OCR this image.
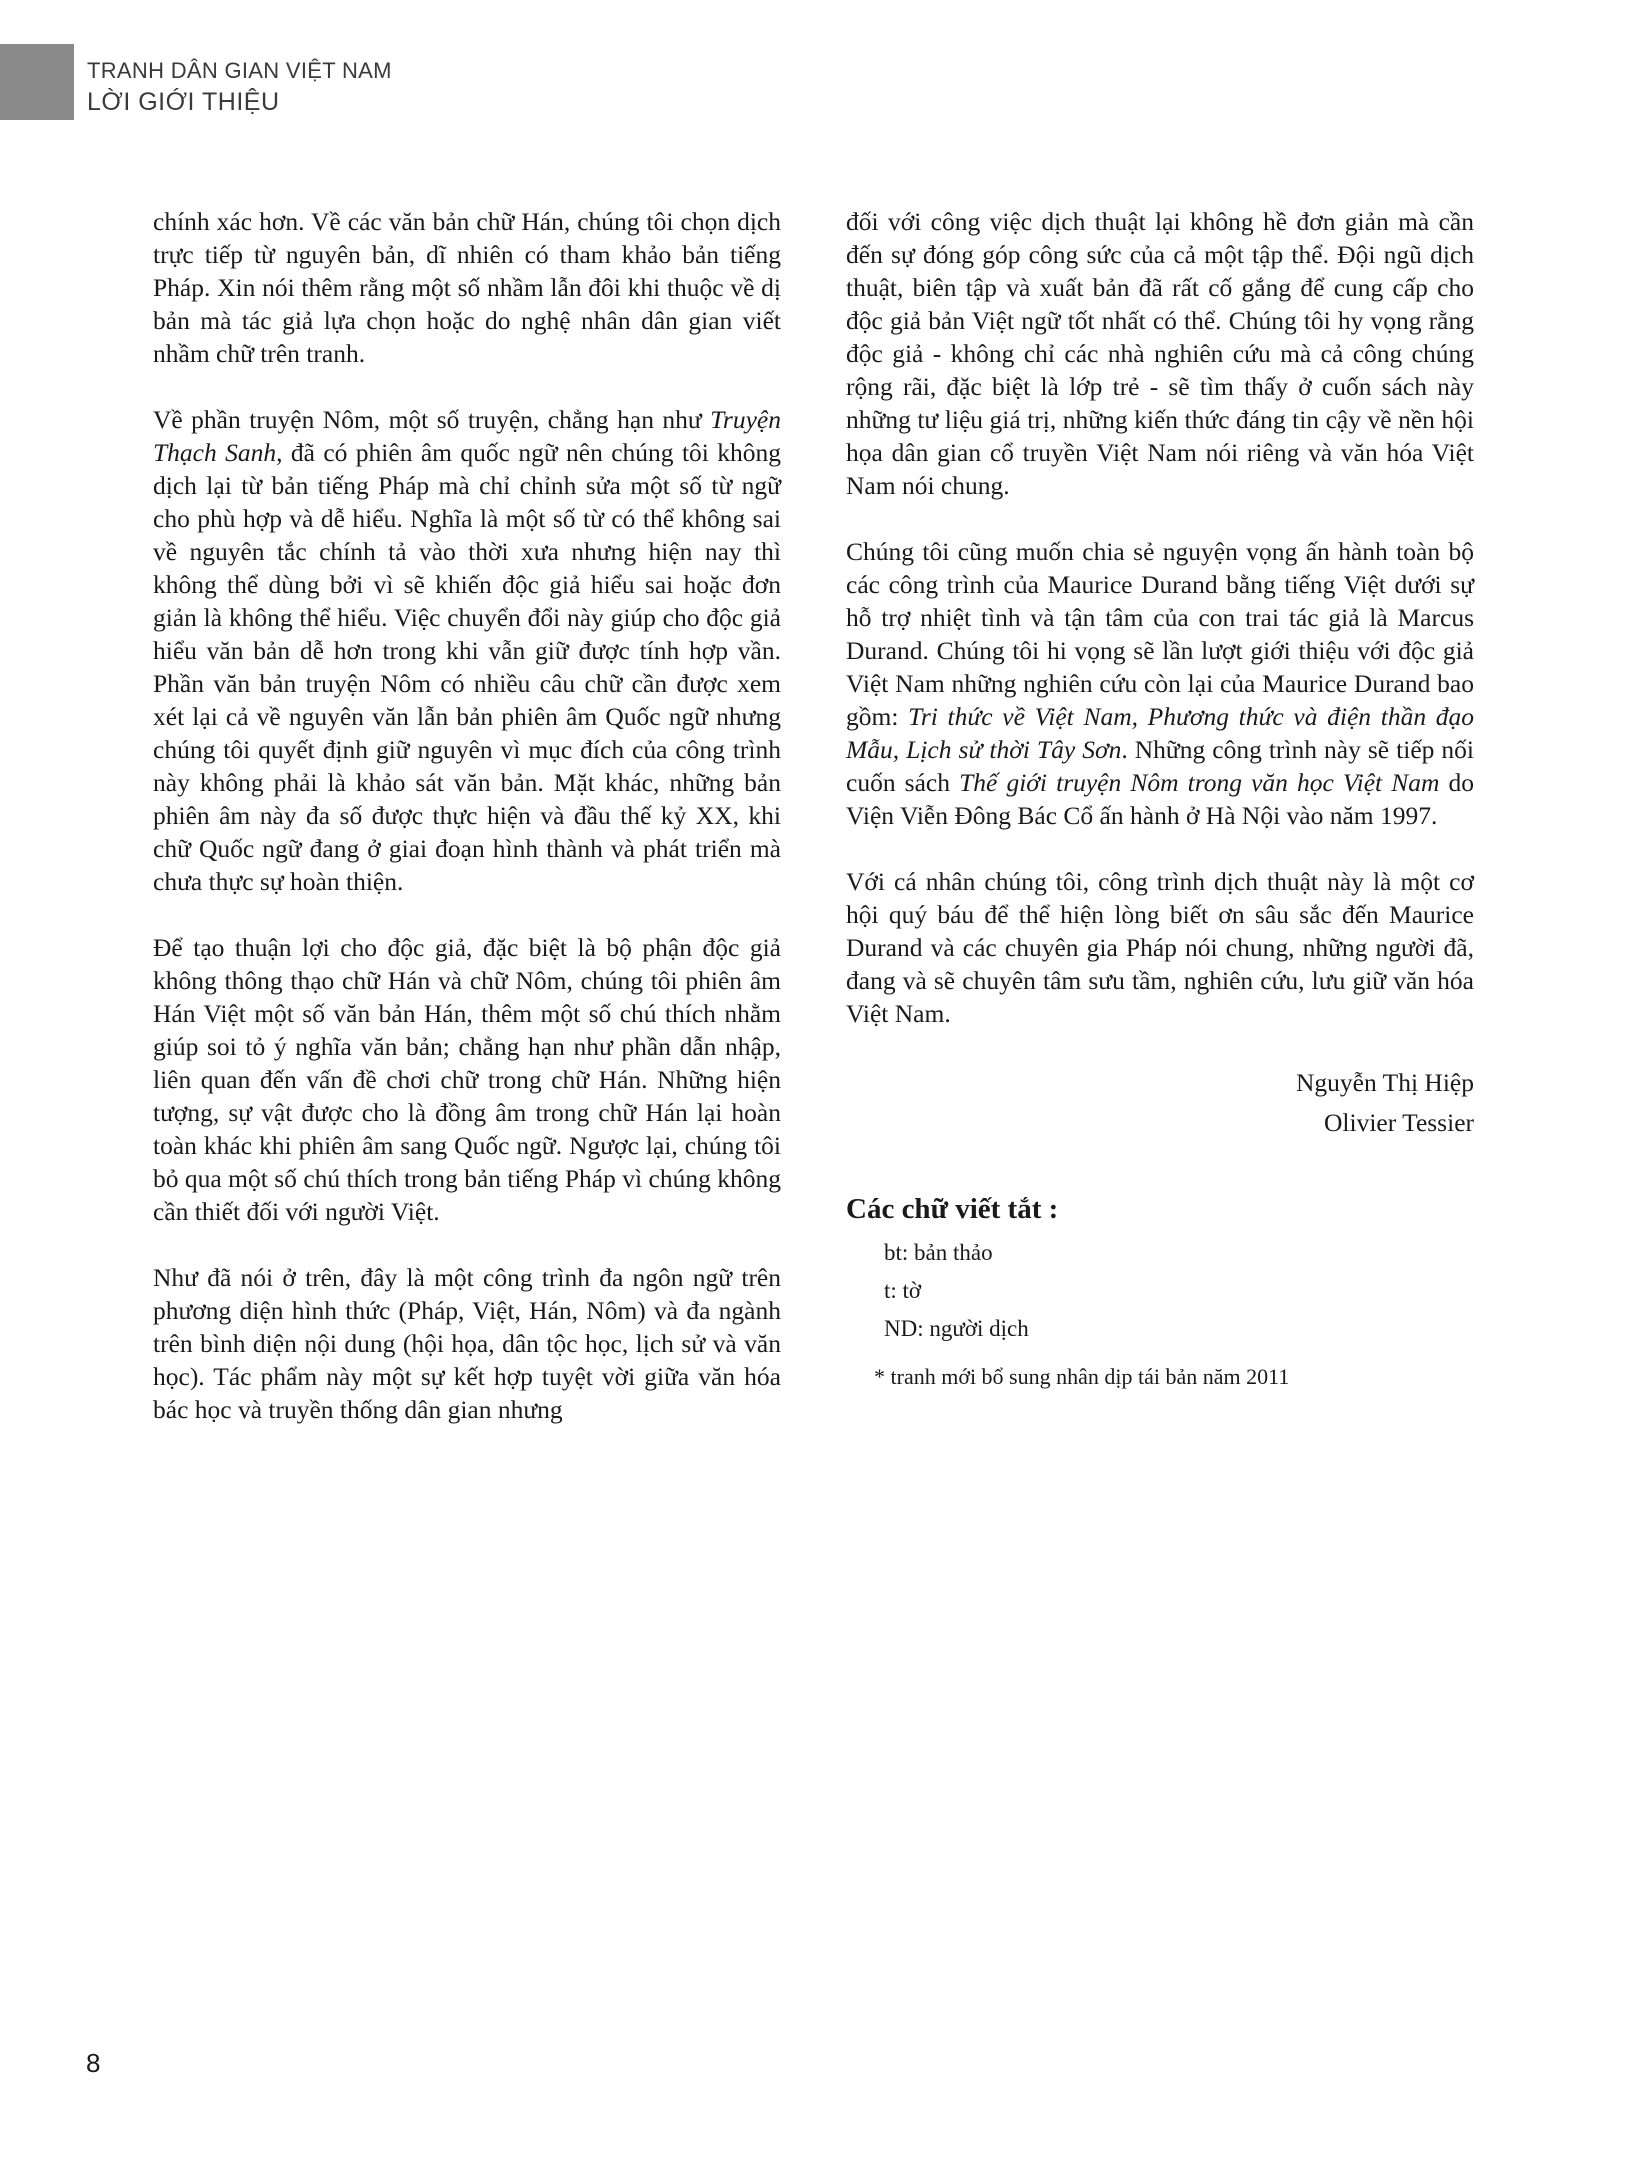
TRANH DÂN GIAN VIỆT NAM
LỜI GIỚI THIỆU

chính xác hơn. Về các văn bản chữ Hán, chúng tôi chọn dịch trực tiếp từ nguyên bản, dĩ nhiên có tham khảo bản tiếng Pháp. Xin nói thêm rằng một số nhầm lẫn đôi khi thuộc về dị bản mà tác giả lựa chọn hoặc do nghệ nhân dân gian viết nhầm chữ trên tranh.

Về phần truyện Nôm, một số truyện, chẳng hạn như Truyện Thạch Sanh, đã có phiên âm quốc ngữ nên chúng tôi không dịch lại từ bản tiếng Pháp mà chỉ chỉnh sửa một số từ ngữ cho phù hợp và dễ hiểu. Nghĩa là một số từ có thể không sai về nguyên tắc chính tả vào thời xưa nhưng hiện nay thì không thể dùng bởi vì sẽ khiến độc giả hiểu sai hoặc đơn giản là không thể hiểu. Việc chuyển đổi này giúp cho độc giả hiểu văn bản dễ hơn trong khi vẫn giữ được tính hợp vần. Phần văn bản truyện Nôm có nhiều câu chữ cần được xem xét lại cả về nguyên văn lẫn bản phiên âm Quốc ngữ nhưng chúng tôi quyết định giữ nguyên vì mục đích của công trình này không phải là khảo sát văn bản. Mặt khác, những bản phiên âm này đa số được thực hiện và đầu thế kỷ XX, khi chữ Quốc ngữ đang ở giai đoạn hình thành và phát triển mà chưa thực sự hoàn thiện.

Để tạo thuận lợi cho độc giả, đặc biệt là bộ phận độc giả không thông thạo chữ Hán và chữ Nôm, chúng tôi phiên âm Hán Việt một số văn bản Hán, thêm một số chú thích nhằm giúp soi tỏ ý nghĩa văn bản; chẳng hạn như phần dẫn nhập, liên quan đến vấn đề chơi chữ trong chữ Hán. Những hiện tượng, sự vật được cho là đồng âm trong chữ Hán lại hoàn toàn khác khi phiên âm sang Quốc ngữ. Ngược lại, chúng tôi bỏ qua một số chú thích trong bản tiếng Pháp vì chúng không cần thiết đối với người Việt.

Như đã nói ở trên, đây là một công trình đa ngôn ngữ trên phương diện hình thức (Pháp, Việt, Hán, Nôm) và đa ngành trên bình diện nội dung (hội họa, dân tộc học, lịch sử và văn học). Tác phẩm này một sự kết hợp tuyệt vời giữa văn hóa bác học và truyền thống dân gian nhưng

đối với công việc dịch thuật lại không hề đơn giản mà cần đến sự đóng góp công sức của cả một tập thể. Đội ngũ dịch thuật, biên tập và xuất bản đã rất cố gắng để cung cấp cho độc giả bản Việt ngữ tốt nhất có thể. Chúng tôi hy vọng rằng độc giả - không chỉ các nhà nghiên cứu mà cả công chúng rộng rãi, đặc biệt là lớp trẻ - sẽ tìm thấy ở cuốn sách này những tư liệu giá trị, những kiến thức đáng tin cậy về nền hội họa dân gian cổ truyền Việt Nam nói riêng và văn hóa Việt Nam nói chung.

Chúng tôi cũng muốn chia sẻ nguyện vọng ấn hành toàn bộ các công trình của Maurice Durand bằng tiếng Việt dưới sự hỗ trợ nhiệt tình và tận tâm của con trai tác giả là Marcus Durand. Chúng tôi hi vọng sẽ lần lượt giới thiệu với độc giả Việt Nam những nghiên cứu còn lại của Maurice Durand bao gồm: Tri thức về Việt Nam, Phương thức và điện thần đạo Mẫu, Lịch sử thời Tây Sơn. Những công trình này sẽ tiếp nối cuốn sách Thế giới truyện Nôm trong văn học Việt Nam do Viện Viễn Đông Bác Cổ ấn hành ở Hà Nội vào năm 1997.

Với cá nhân chúng tôi, công trình dịch thuật này là một cơ hội quý báu để thể hiện lòng biết ơn sâu sắc đến Maurice Durand và các chuyên gia Pháp nói chung, những người đã, đang và sẽ chuyên tâm sưu tầm, nghiên cứu, lưu giữ văn hóa Việt Nam.

Nguyễn Thị Hiệp
Olivier Tessier
Các chữ viết tắt :
bt: bản thảo
t: tờ
ND: người dịch
* tranh mới bổ sung nhân dịp tái bản năm 2011
8
